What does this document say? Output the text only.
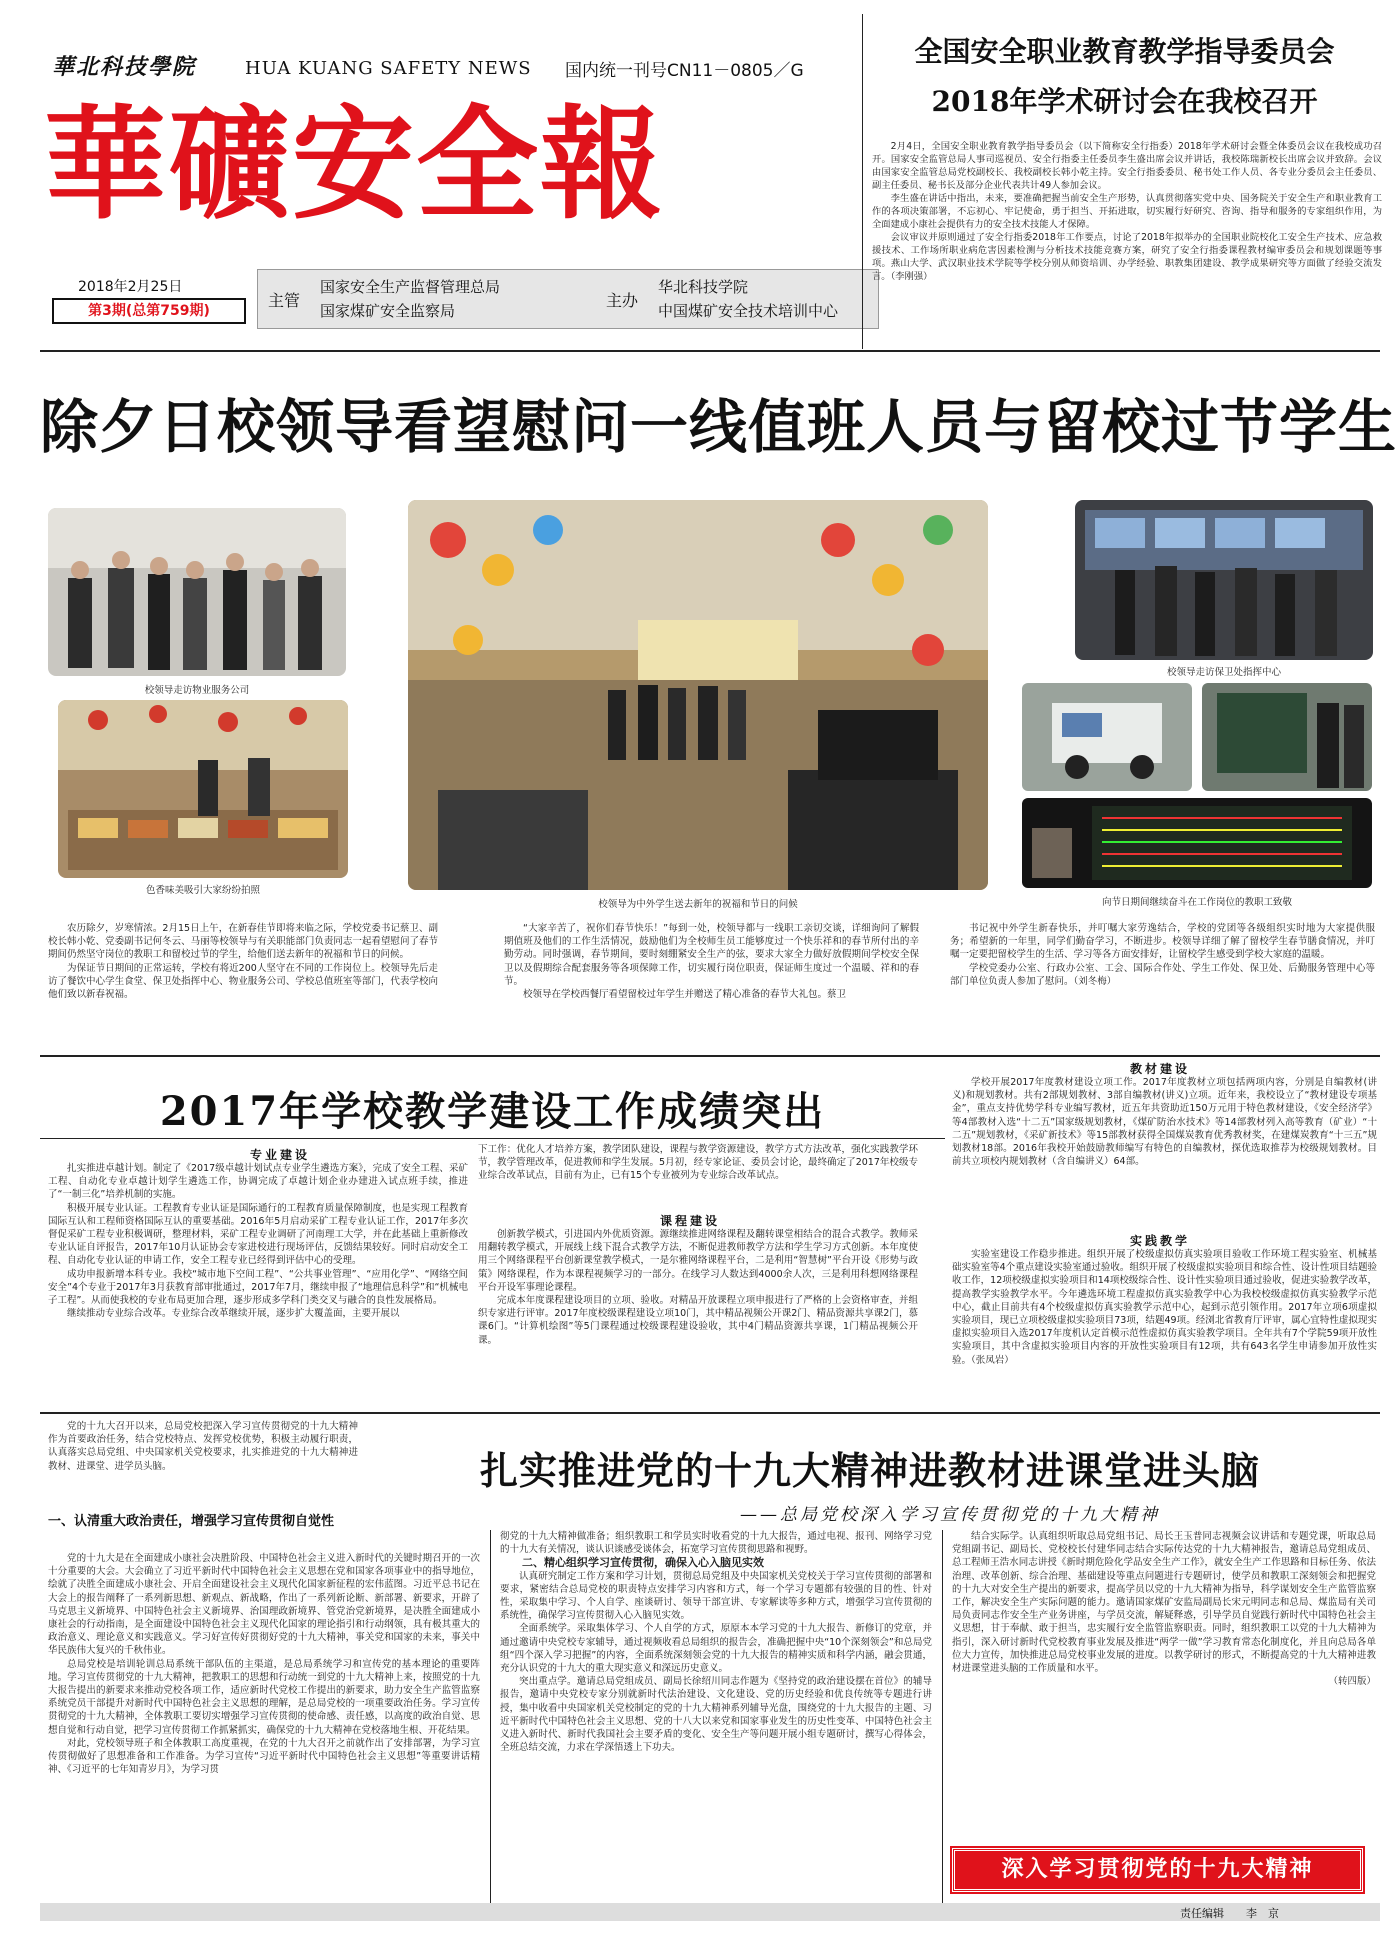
華北科技學院	HUA KUANG SAFETY NEWS 国内统一刊号CN11－0805／G
華礦安全報
2018年2月25日
第3期(总第759期)
主管
国家安全生产监督管理总局
国家煤矿安全监察局
主办
华北科技学院
中国煤矿安全技术培训中心
全国安全职业教育教学指导委员会
2018年学术研讨会在我校召开

2月4日，全国安全职业教育教学指导委员会（以下简称安全行指委）2018年学术研讨会暨全体委员会议在我校成功召开。国家安全监管总局人事司巡视员、安全行指委主任委员李生盛出席会议并讲话，我校陈瑞新校长出席会议并致辞。会议由国家安全监管总局党校副校长、我校副校长韩小乾主持。安全行指委委员、秘书处工作人员、各专业分委员会主任委员、副主任委员、秘书长及部分企业代表共计49人参加会议。

李生盛在讲话中指出，未来，要准确把握当前安全生产形势，认真贯彻落实党中央、国务院关于安全生产和职业教育工作的各项决策部署，不忘初心、牢记使命，勇于担当、开拓进取，切实履行好研究、咨询、指导和服务的专家组织作用，为全面建成小康社会提供有力的安全技术技能人才保障。

会议审议并原则通过了安全行指委2018年工作要点，讨论了2018年拟举办的全国职业院校化工安全生产技术、应急救援技术、工作场所职业病危害因素检测与分析技术技能竞赛方案，研究了安全行指委课程教材编审委员会和规划课题等事项。燕山大学、武汉职业技术学院等学校分别从师资培训、办学经验、职教集团建设、教学成果研究等方面做了经验交流发言。（李刚强）

除夕日校领导看望慰问一线值班人员与留校过节学生
校领导走访物业服务公司
色香味美吸引大家纷纷拍照
校领导为中外学生送去新年的祝福和节日的问候
校领导走访保卫处指挥中心
向节日期间继续奋斗在工作岗位的教职工致敬

农历除夕，岁寒情浓。2月15日上午，在新春佳节即将来临之际，学校党委书记蔡卫、副校长韩小乾、党委副书记何冬云、马丽等校领导与有关职能部门负责同志一起看望慰问了春节期间仍然坚守岗位的教职工和留校过节的学生，给他们送去新年的祝福和节日的问候。

为保证节日期间的正常运转，学校有将近200人坚守在不同的工作岗位上。校领导先后走访了餐饮中心学生食堂、保卫处指挥中心、物业服务公司、学校总值班室等部门，代表学校向他们致以新春祝福。

“大家辛苦了，祝你们春节快乐！”每到一处，校领导都与一线职工亲切交谈，详细询问了解假期值班及他们的工作生活情况，鼓励他们为全校师生员工能够度过一个快乐祥和的春节所付出的辛勤劳动。同时强调，春节期间，要时刻绷紧安全生产的弦，要求大家全力做好放假期间学校安全保卫以及假期综合配套服务等各项保障工作，切实履行岗位职责，保证师生度过一个温暖、祥和的春节。

校领导在学校西餐厅看望留校过年学生并赠送了精心准备的春节大礼包。蔡卫

书记祝中外学生新春快乐，并叮嘱大家劳逸结合，学校的党团等各级组织实时地为大家提供服务；希望新的一年里，同学们勤奋学习，不断进步。校领导详细了解了留校学生春节膳食情况，并叮嘱一定要把留校学生的生活、学习等各方面安排好，让留校学生感受到学校大家庭的温暖。

学校党委办公室、行政办公室、工会、国际合作处、学生工作处、保卫处、后勤服务管理中心等部门单位负责人参加了慰问。（刘冬梅）

2017年学校教学建设工作成绩突出
专业建设

扎实推进卓越计划。制定了《2017级卓越计划试点专业学生遴选方案》，完成了安全工程、采矿工程、自动化专业卓越计划学生遴选工作，协调完成了卓越计划企业办建进入试点班手续，推进了“一制三化”培养机制的实施。

积极开展专业认证。工程教育专业认证是国际通行的工程教育质量保障制度，也是实现工程教育国际互认和工程师资格国际互认的重要基础。2016年5月启动采矿工程专业认证工作，2017年多次督促采矿工程专业积极调研，整理材料，采矿工程专业调研了河南理工大学，并在此基础上重新修改专业认证自评报告，2017年10月认证协会专家进校进行现场评估，反馈结果较好。同时启动安全工程、自动化专业认证的申请工作，安全工程专业已经得到评估中心的受理。

成功申报新增本科专业。我校“城市地下空间工程”、“公共事业管理”、“应用化学”、“网络空间安全”4个专业于2017年3月获教育部审批通过，2017年7月，继续申报了“地理信息科学”和“机械电子工程”。从而使我校的专业布局更加合理，逐步形成多学科门类交叉与融合的良性发展格局。

继续推动专业综合改革。专业综合改革继续开展，逐步扩大覆盖面，主要开展以

下工作：优化人才培养方案，教学团队建设，课程与教学资源建设，教学方式方法改革，强化实践教学环节，教学管理改革，促进教师和学生发展。5月初，经专家论证、委员会讨论，最终确定了2017年校级专业综合改革试点，目前有为止，已有15个专业被列为专业综合改革试点。

课程建设

创新教学模式，引进国内外优质资源。源继续推进网络课程及翻转课堂相结合的混合式教学。教师采用翻转教学模式，开展线上线下混合式教学方法，不断促进教师教学方法和学生学习方式创新。本年度使用三个网络课程平台创新课堂教学模式，一是尔雅网络课程平台，二是利用“智慧树”平台开设《形势与政策》网络课程，作为本课程视频学习的一部分。在线学习人数达到4000余人次，三是利用科想网络课程平台开设军事理论课程。

完成本年度课程建设项目的立项、验收。对精品开放课程立项申报进行了严格的上会资格审查，并组织专家进行评审。2017年度校级课程建设立项10门，其中精品视频公开课2门、精品资源共享课2门，慕课6门。“计算机绘图”等5门课程通过校级课程建设验收，其中4门精品资源共享课，1门精品视频公开课。

教材建设

学校开展2017年度教材建设立项工作。2017年度教材立项包括两项内容，分别是自编教材(讲义)和规划教材。共有2部规划教材、3部自编教材(讲义)立项。近年来，我校设立了“教材建设专项基金”，重点支持优势学科专业编写教材，近五年共资助近150万元用于特色教材建设，《安全经济学》等4部教材入选“十二五”国家级规划教材，《煤矿防治水技术》等14部教材列入高等教育（矿业）“十二五”规划教材，《采矿新技术》等15部教材获得全国煤炭教育优秀教材奖，在建煤炭教育“十三五”规划教材18部。2016年我校开始鼓励教师编写有特色的自编教材，探优选取推荐为校级规划教材。目前共立项校内规划教材（含自编讲义）64部。

实践教学

实验室建设工作稳步推进。组织开展了校级虚拟仿真实验项目验收工作环境工程实验室、机械基础实验室等4个重点建设实验室通过验收。组织开展了校级虚拟实验项目和综合性、设计性项目结题验收工作，12项校级虚拟实验项目和14项校级综合性、设计性实验项目通过验收，促进实验教学改革，提高教学实验教学水平。今年遴选环境工程虚拟仿真实验教学中心为我校校级虚拟仿真实验教学示范中心，截止目前共有4个校级虚拟仿真实验教学示范中心，起到示范引领作用。2017年立项6项虚拟实验项目，现已立项校级虚拟实验项目73项，结题49项。经浏北省教育厅评审，属心宜特性虚拟现实虚拟实验项目入选2017年度机认定首模示范性虚拟仿真实验教学项目。全年共有7个学院59项开放性实验项目，其中含虚拟实验项目内容的开放性实验项目有12项，共有643名学生申请参加开放性实验。（张凤岩）

党的十九大召开以来，总局党校把深入学习宣传贯彻党的十九大精神作为首要政治任务，结合党校特点、发挥党校优势，积极主动履行职责，认真落实总局党组、中央国家机关党校要求，扎实推进党的十九大精神进教材、进课堂、进学员头脑。	扎实推进党的十九大精神进教材进课堂进头脑
——总局党校深入学习宣传贯彻党的十九大精神
一、认清重大政治责任，增强学习宣传贯彻自觉性

党的十九大是在全面建成小康社会决胜阶段、中国特色社会主义进入新时代的关键时期召开的一次十分重要的大会。大会确立了习近平新时代中国特色社会主义思想在党和国家各项事业中的指导地位，绘就了决胜全面建成小康社会、开启全面建设社会主义现代化国家新征程的宏伟蓝图。习近平总书记在大会上的报告阐释了一系列新思想、新观点、新战略，作出了一系列新论断、新部署、新要求，开辟了马克思主义新境界、中国特色社会主义新境界、治国理政新境界、管党治党新境界，是决胜全面建成小康社会的行动指南，是全面建设中国特色社会主义现代化国家的理论指引和行动纲领，具有极其重大的政治意义、理论意义和实践意义。学习好宣传好贯彻好党的十九大精神，事关党和国家的未来，事关中华民族伟大复兴的千秋伟业。

总局党校是培训轮训总局系统干部队伍的主渠道，是总局系统学习和宣传党的基本理论的重要阵地。学习宣传贯彻党的十九大精神，把教职工的思想和行动统一到党的十九大精神上来，按照党的十九大报告提出的新要求来推动党校各项工作，适应新时代党校工作提出的新要求，助力安全生产监管监察系统党员干部提升对新时代中国特色社会主义思想的理解，是总局党校的一项重要政治任务。学习宣传贯彻党的十九大精神，全体教职工要切实增强学习宣传贯彻的使命感、责任感，以高度的政治自觉、思想自觉和行动自觉，把学习宣传贯彻工作抓紧抓实，确保党的十九大精神在党校落地生根、开花结果。

对此，党校领导班子和全体教职工高度重视，在党的十九大召开之前就作出了安排部署，为学习宣传贯彻做好了思想准备和工作准备。为学习宣传“习近平新时代中国特色社会主义思想”等重要讲话精神、《习近平的七年知青岁月》，为学习贯

彻党的十九大精神做准备；组织教职工和学员实时收看党的十九大报告，通过电视、报刊、网络学习党的十九大有关情况，谈认识谈感受谈体会，拓宽学习宣传贯彻思路和视野。

二、精心组织学习宣传贯彻，确保入心入脑见实效

认真研究制定工作方案和学习计划，贯彻总局党组及中央国家机关党校关于学习宣传贯彻的部署和要求，紧密结合总局党校的职责特点安排学习内容和方式，每一个学习专题都有较强的目的性、针对性，采取集中学习、个人自学、座谈研讨、领导干部宣讲、专家解读等多种方式，增强学习宣传贯彻的系统性，确保学习宣传贯彻入心入脑见实效。

全面系统学。采取集体学习、个人自学的方式，原原本本学习党的十九大报告、新修订的党章，并通过邀请中央党校专家辅导，通过视频收看总局组织的报告会，准确把握中央“10个深刻领会”和总局党组“四个深入学习把握”的内容，全面系统深刻领会党的十九大报告的精神实质和科学内涵，融会贯通，充分认识党的十九大的重大现实意义和深远历史意义。

突出重点学。邀请总局党组成员、副局长徐绍川同志作题为《坚持党的政治建设摆在首位》的辅导报告，邀请中央党校专家分别就新时代法治建设、文化建设、党的历史经验和优良传统等专题进行讲授，集中收看中央国家机关党校制定的党的十九大精神系列辅导光盘，围绕党的十九大报告的主题、习近平新时代中国特色社会主义思想、党的十八大以来党和国家事业发生的历史性变革、中国特色社会主义进入新时代、新时代我国社会主要矛盾的变化、安全生产等问题开展小组专题研讨，撰写心得体会，全班总结交流，力求在学深悟透上下功夫。

结合实际学。认真组织听取总局党组书记、局长王玉普同志视频会议讲话和专题党课，听取总局党组副书记、副局长、党校校长付建华同志结合实际传达党的十九大精神报告，邀请总局党组成员、总工程师王浩水同志讲授《新时期危险化学品安全生产工作》，就安全生产工作思路和目标任务、依法治理、改革创新、综合治理、基础建设等重点问题进行专题研讨，使学员和教职工深刻领会和把握党的十九大对安全生产提出的新要求，提高学员以党的十九大精神为指导，科学谋划安全生产监管监察工作，解决安全生产实际问题的能力。邀请国家煤矿安监局副局长宋元明同志和总局、煤监局有关司局负责同志作安全生产业务讲座，与学员交流，解疑释惑，引导学员自觉践行新时代中国特色社会主义思想，甘于奉献、敢于担当，忠实履行安全监管监察职责。同时，组织教职工以党的十九大精神为指引，深入研讨新时代党校教育事业发展及推进“两学一做”学习教育常态化制度化，并且向总局各单位大力宣传，加快推进总局党校事业发展的进度。以教学研讨的形式，不断提高党的十九大精神进教材进课堂进头脑的工作质量和水平。

（转四版）

深入学习贯彻党的十九大精神
责任编辑　　李　京
